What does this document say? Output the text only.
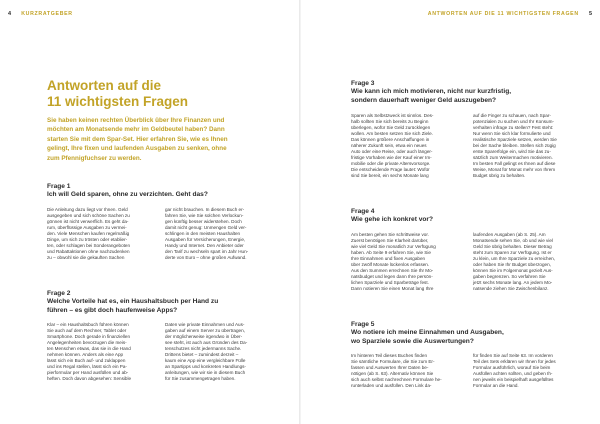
4 KURZRATGEBER	ANTWORTEN AUF DIE 11 WICHTIGSTEN FRAGEN 5
Antworten auf die
11 wichtigsten Fragen
Sie haben keinen rechten Überblick über Ihre Finanzen und
möchten am Monatsende mehr im Geldbeutel haben? Dann
starten Sie mit dem Spar-Set. Hier erfahren Sie, wie es Ihnen
gelingt, Ihre fixen und laufenden Ausgaben zu senken, ohne
zum Pfennigfuchser zu werden.
Frage 1
Ich will Geld sparen, ohne zu verzichten. Geht das?
Die Anleitung dazu liegt vor Ihnen. Geld
ausgegeben und sich schöne Sachen zu
gönnen ist nicht verwerflich. Es geht da-
rum, überflüssige Ausgaben zu vermei-
den. Viele Menschen kaufen regelmäßig
Dinge, um sich zu trösten oder etablier-
ten, oder schlagen bei Sonderangeboten
und Rabattaktionen ohne nachzudenken
zu – obwohl sie die gekauften Sachen
gar nicht brauchen. In diesem Buch er-
fahren Sie, wie Sie solchen Verlockun-
gen künftig besser widerstehen. Doch
damit nicht genug: Unmengen Geld ver-
schlingen in den meisten Haushalten
Ausgaben für Versicherungen, Energie,
Handy und Internet. Den Anbieter oder
den Tarif zu wechseln spart im Jahr Hun-
derte von Euro – ohne großen Aufwand.
Frage 2
Welche Vorteile hat es, ein Haushaltsbuch per Hand zu
führen – es gibt doch haufenweise Apps?
Klar – ein Haushaltsbuch führen können
Sie auch auf dem Rechner, Tablet oder
Smartphone. Doch gerade in finanziellen
Angelegenheiten bevorzugen die meis-
ten Menschen etwas, das sie in die Hand
nehmen können. Anders als eine App
lässt sich ein Buch auf- und zuklappen
und ins Regal stellen, lässt sich ein Pa-
pierformular per Hand ausfüllen und ab-
heften. Doch davon abgesehen: Sensible
Daten wie private Einnahmen und Aus-
gaben auf einem Server zu übertragen,
der möglicherweise irgendwo in Über-
see steht, ist auch aus Gründen des Da-
tenschutzes nicht jedermanns Sache.
Drittens bietet – zumindest derzeit –
kaum eine App eine vergleichbare Fülle
an Spartipps und konkreten Handlungs-
anleitungen, wie wir sie in diesem Buch
für Sie zusammengetragen haben.
Frage 3
Wie kann ich mich motivieren, nicht nur kurzfristig,
sondern dauerhaft weniger Geld auszugeben?
Sparen als Selbstzweck ist sinnlos. Des-
halb sollten Sie sich bereits zu Beginn
überlegen, wofür Sie Geld zurücklegen
wollen. Am besten setzen Sie sich Ziele.
Das können größere Anschaffungen in
näherer Zukunft sein, etwa ein neues
Auto oder eine Reise, oder auch länger-
fristige Vorhaben wie der Kauf einer Im-
mobilie oder die private Altersvorsorge.
Die entscheidende Frage lautet: Wofür
sind Sie bereit, ein sechs Monate lang
auf die Finger zu schauen, nach Spar-
potenzialen zu suchen und Ihr Konsum-
verhalten infrage zu stellen? Fest steht:
Nur wenn Sie sich klar formulierte und
realistische Sparziele setzen, werden Sie
bei der Sache bleiben. Stellen sich zügig
erste Sparerfolge ein, wird Sie das zu-
sätzlich zum Weitermachen motivieren.
Im besten Fall gelingt es Ihnen auf diese
Weise, Monat für Monat mehr von Ihrem
Budget übrig zu behalten.
Frage 4
Wie gehe ich konkret vor?
Am besten gehen Sie schrittweise vor.
Zuerst benötigen Sie Klarheit darüber,
wie viel Geld Sie monatlich zur Verfügung
haben. Ab Seite 9 erfahren Sie, wie Sie
Ihre Einnahmen und fixen Ausgaben
über zwölf Monate lückenlos erfassen.
Aus den Summen errechnen Sie Ihr Mo-
natsbudget und legen dann Ihre persön-
lichen Sparziele und Sparbeträge fest.
Dann notieren Sie einen Monat lang Ihre
laufenden Ausgaben (ab S. 25). Am
Monatsende sehen Sie, ob und wie viel
Geld Sie übrig behalten. Dieser Betrag
steht zum Sparen zur Verfügung. Ist er
zu klein, um Ihre Sparziele zu erreichen,
oder haben Sie Ihr Budget überzogen,
können Sie im Folgemonat gezielt Aus-
gaben begrenzen. So verfahren Sie
jetzt sechs Monate lang. An jedem Mo-
natsende ziehen Sie Zwischenbilanz.
Frage 5
Wo notiere ich meine Einnahmen und Ausgaben,
wo Sparziele sowie die Auswertungen?
Im hinteren Teil dieses Buches finden
Sie sämtliche Formulare, die Sie zum Er-
fassen und Auswerten Ihrer Daten be-
nötigen (ab S. 63). Alternativ können Sie
sich auch selbst nachrechnen Formulare he-
runterladen und ausfüllen. Den Link da-
für finden Sie auf Seite 63. Im vorderen
Teil des Sets erklären wir Ihnen für jedes
Formular ausführlich, worauf Sie beim
Ausfüllen achten sollten, und geben Ih-
nen jeweils ein beispielhaft ausgefülltes
Formular an die Hand.
